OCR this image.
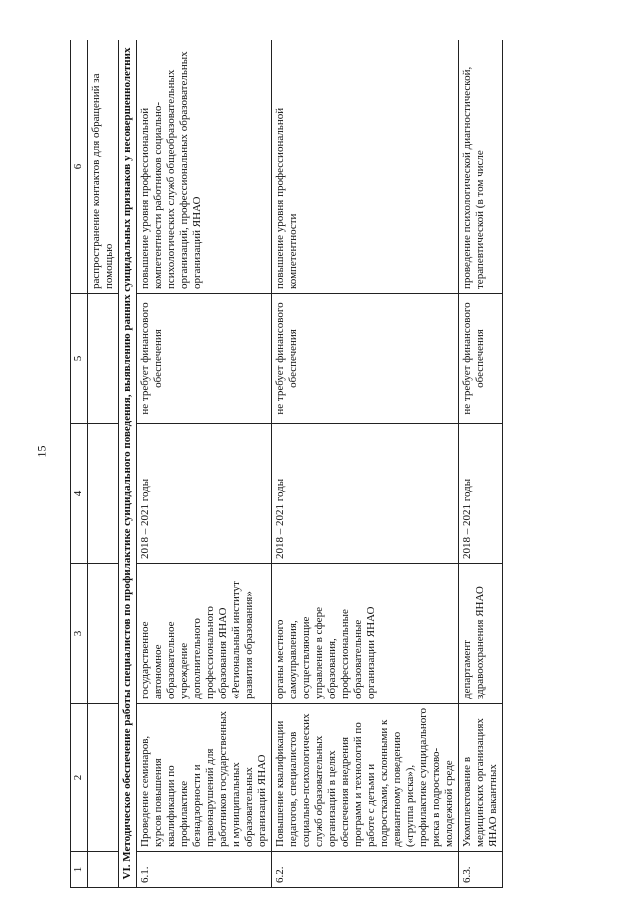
15
1	2	3	4	5	6
					распространение контактов для обращений за помощью
VI. Методическое обеспечение работы специалистов по профилактике суицидального поведения, выявлению ранних суицидальных признаков у несовершеннолетних					
6.1.	Проведение семинаров, курсов повышения квалификации по профилактике безнадзорности и правонарушений для работников государственных и муниципальных образовательных организаций ЯНАО	государственное автономное образовательное учреждение дополнительного профессионального образования ЯНАО «Региональный институт развития образования»	2018 – 2021 годы	не требует финансового обеспечения	повышение уровня профессиональной компетентности работников социально-психологических служб общеобразовательных организаций, профессиональных образовательных организаций ЯНАО
6.2.	Повышение квалификации педагогов, специалистов социально-психологических служб образовательных организаций в целях обеспечения внедрения программ и технологий по работе с детьми и подростками, склонными к девиантному поведению («группа риска»), профилактике суицидального риска в подростково-молодежной среде	органы местного самоуправления, осуществляющие управление в сфере образования, профессиональные образовательные организации ЯНАО	2018 – 2021 годы	не требует финансового обеспечения	повышение уровня профессиональной компетентности
6.3.	Укомплектование в медицинских организациях ЯНАО вакантных	департамент здравоохранения ЯНАО	2018 – 2021 годы	не требует финансового обеспечения	проведение психологической диагностической, терапевтической (в том числе
